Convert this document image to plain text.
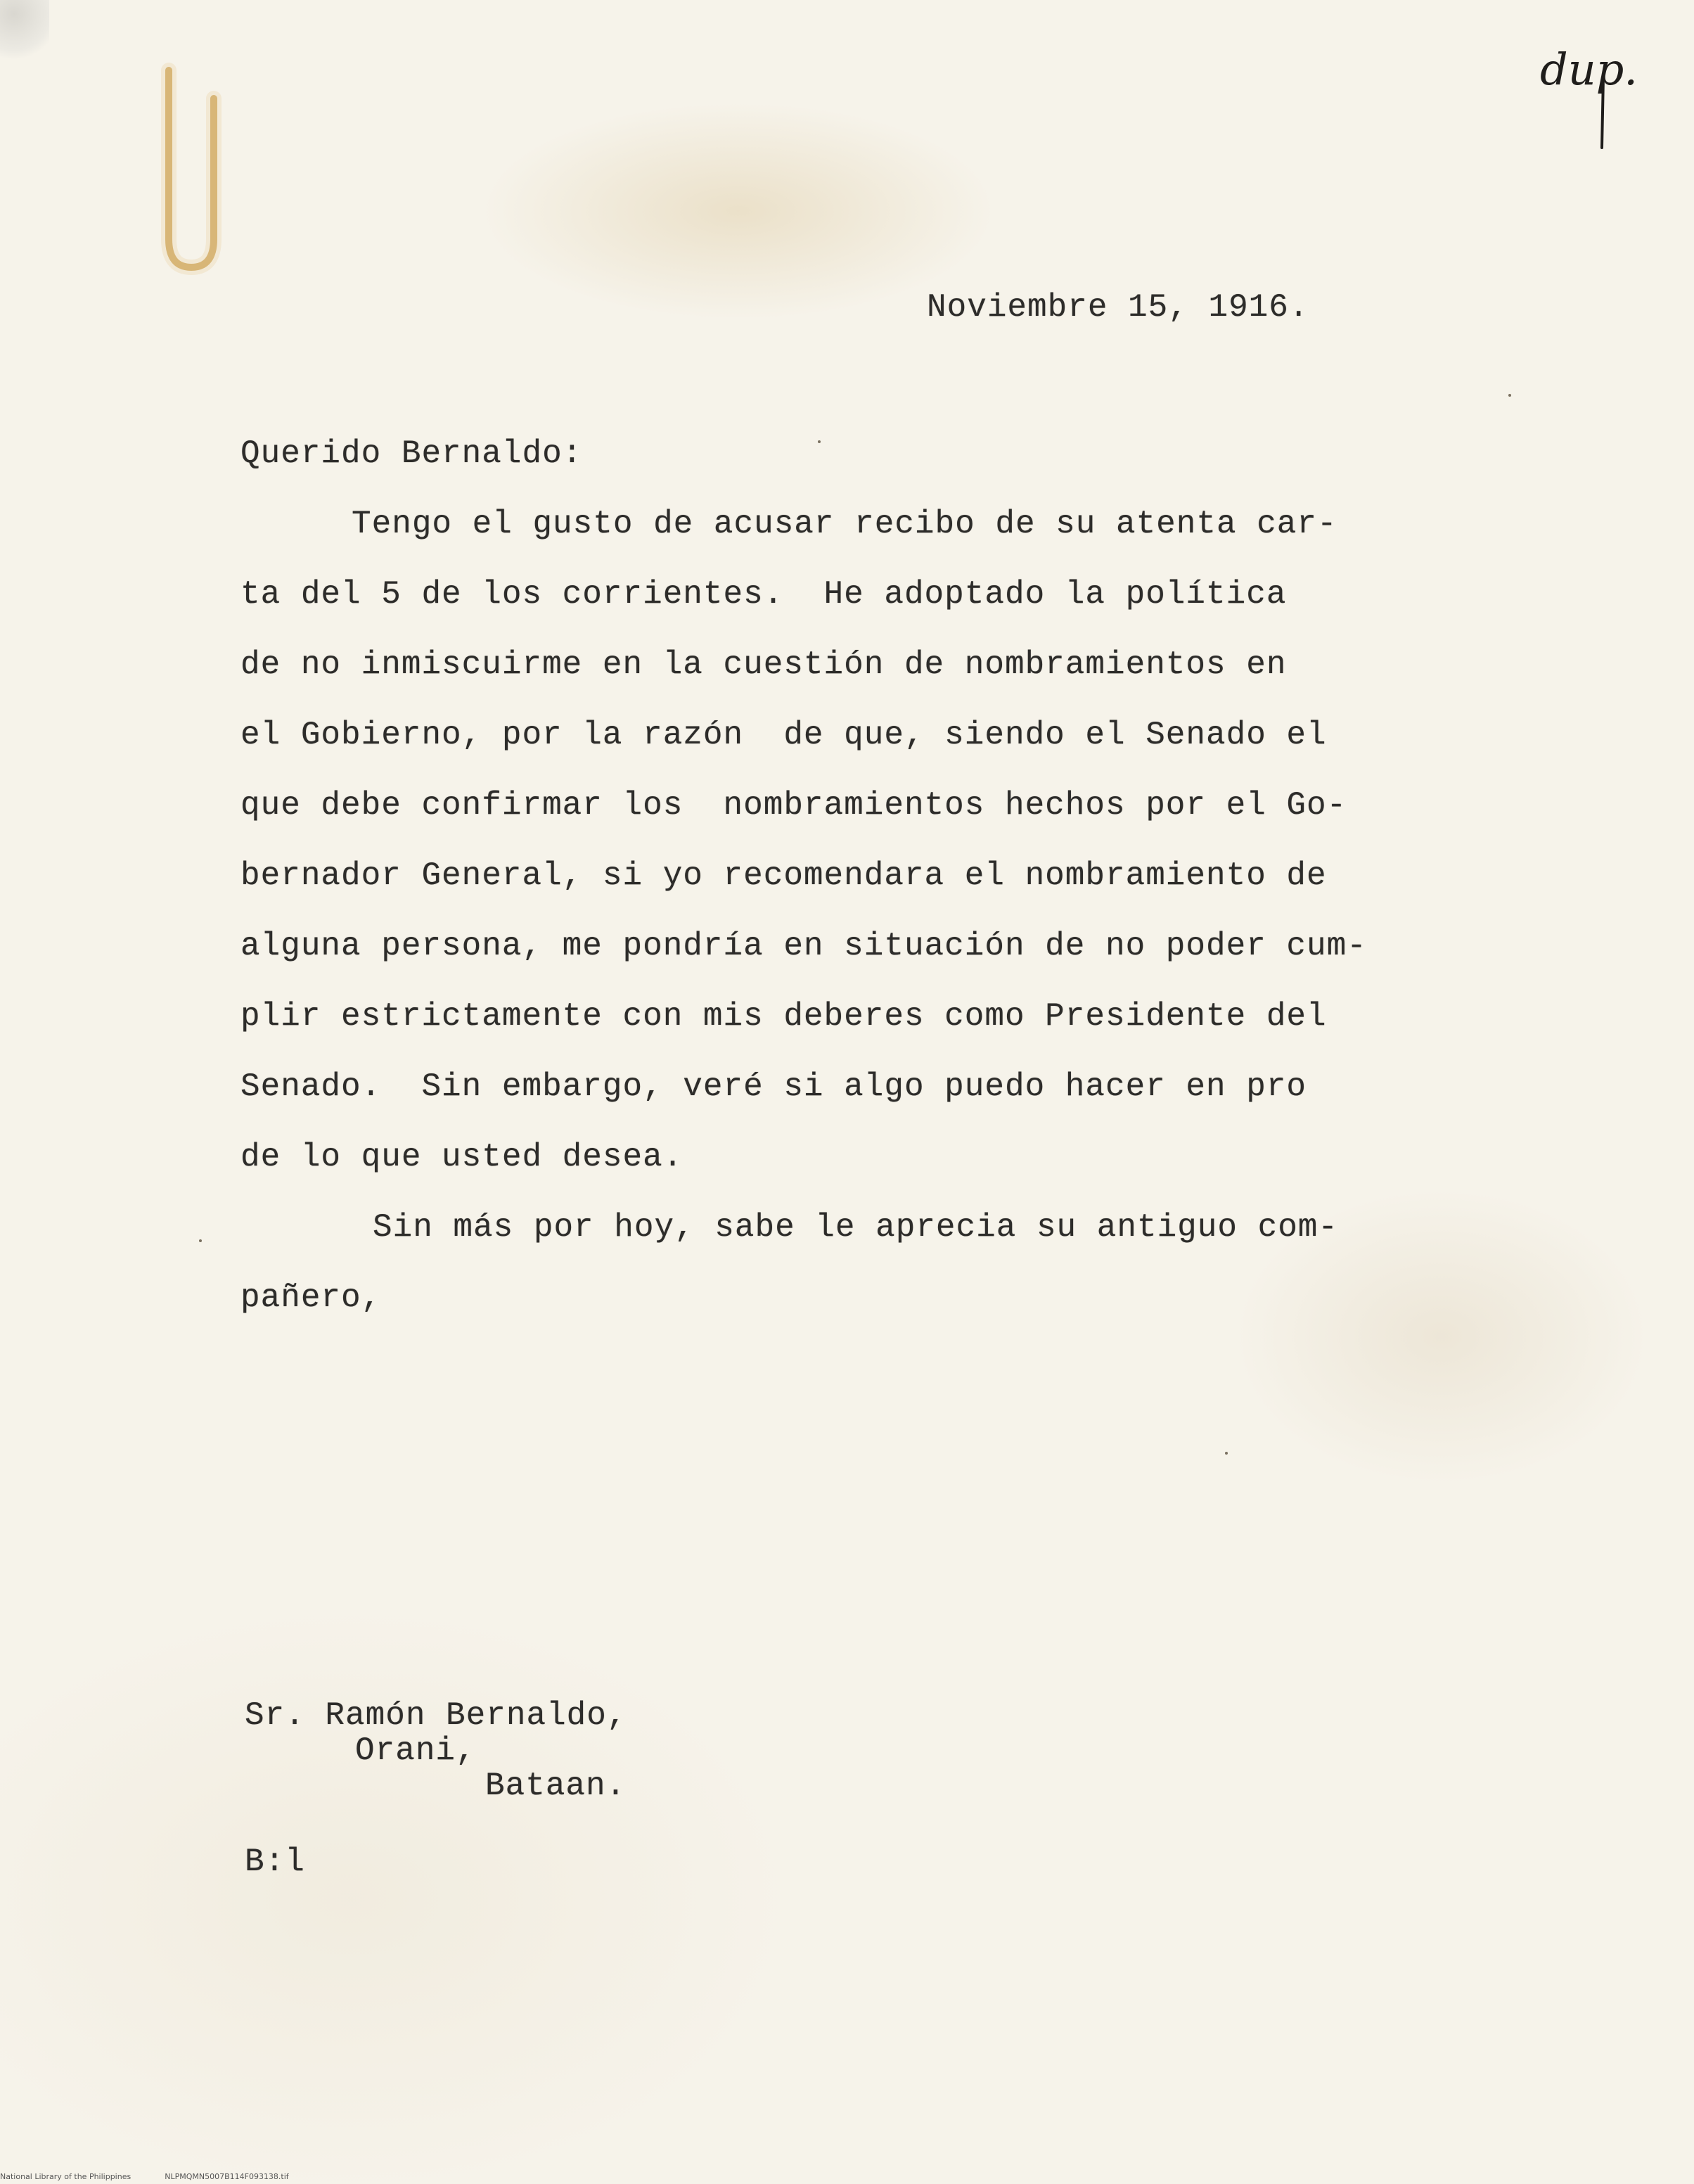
dup.
Noviembre 15, 1916.
Querido Bernaldo:
Tengo el gusto de acusar recibo de su atenta car-
ta del 5 de los corrientes.  He adoptado la política
de no inmiscuirme en la cuestión de nombramientos en
el Gobierno, por la razón  de que, siendo el Senado el
que debe confirmar los  nombramientos hechos por el Go-
bernador General, si yo recomendara el nombramiento de
alguna persona, me pondría en situación de no poder cum-
plir estrictamente con mis deberes como Presidente del
Senado.  Sin embargo, veré si algo puedo hacer en pro
de lo que usted desea.
Sin más por hoy, sabe le aprecia su antiguo com-
pañero,
Sr. Ramón Bernaldo,
Orani,
Bataan.
B:l
National Library of the Philippines	NLPMQMN5007B114F093138.tif
